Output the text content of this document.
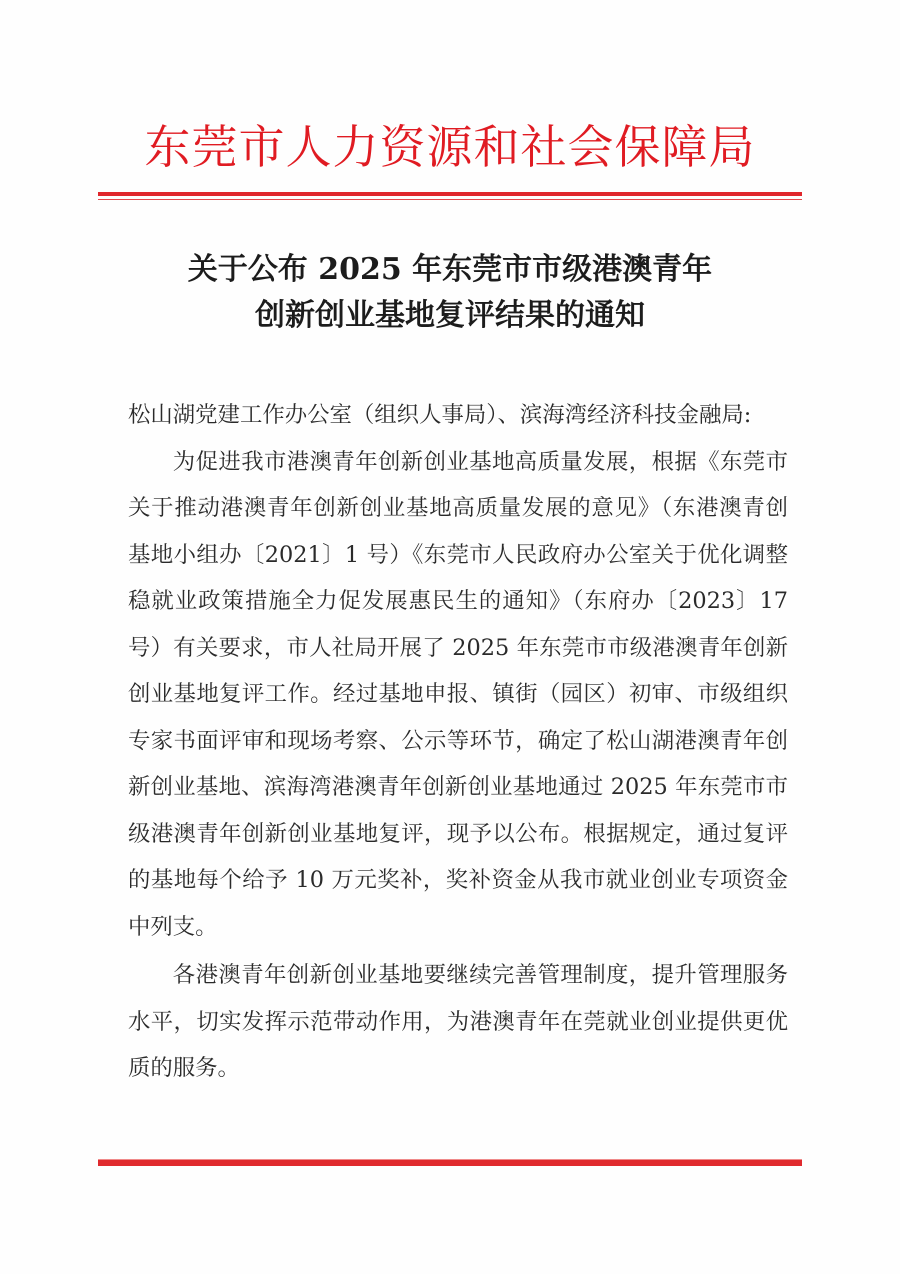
东莞市人力资源和社会保障局
关于公布 2025 年东莞市市级港澳青年
创新创业基地复评结果的通知

松山湖党建工作办公室（组织人事局）、滨海湾经济科技金融局:

为促进我市港澳青年创新创业基地高质量发展，根据《东莞市关于推动港澳青年创新创业基地高质量发展的意见》（东港澳青创基地小组办〔2021〕1 号）《东莞市人民政府办公室关于优化调整稳就业政策措施全力促发展惠民生的通知》（东府办〔2023〕17 号）有关要求，市人社局开展了 2025 年东莞市市级港澳青年创新创业基地复评工作。经过基地申报、镇街（园区）初审、市级组织专家书面评审和现场考察、公示等环节，确定了松山湖港澳青年创新创业基地、滨海湾港澳青年创新创业基地通过 2025 年东莞市市级港澳青年创新创业基地复评，现予以公布。根据规定，通过复评的基地每个给予 10 万元奖补，奖补资金从我市就业创业专项资金中列支。

各港澳青年创新创业基地要继续完善管理制度，提升管理服务水平，切实发挥示范带动作用，为港澳青年在莞就业创业提供更优质的服务。
